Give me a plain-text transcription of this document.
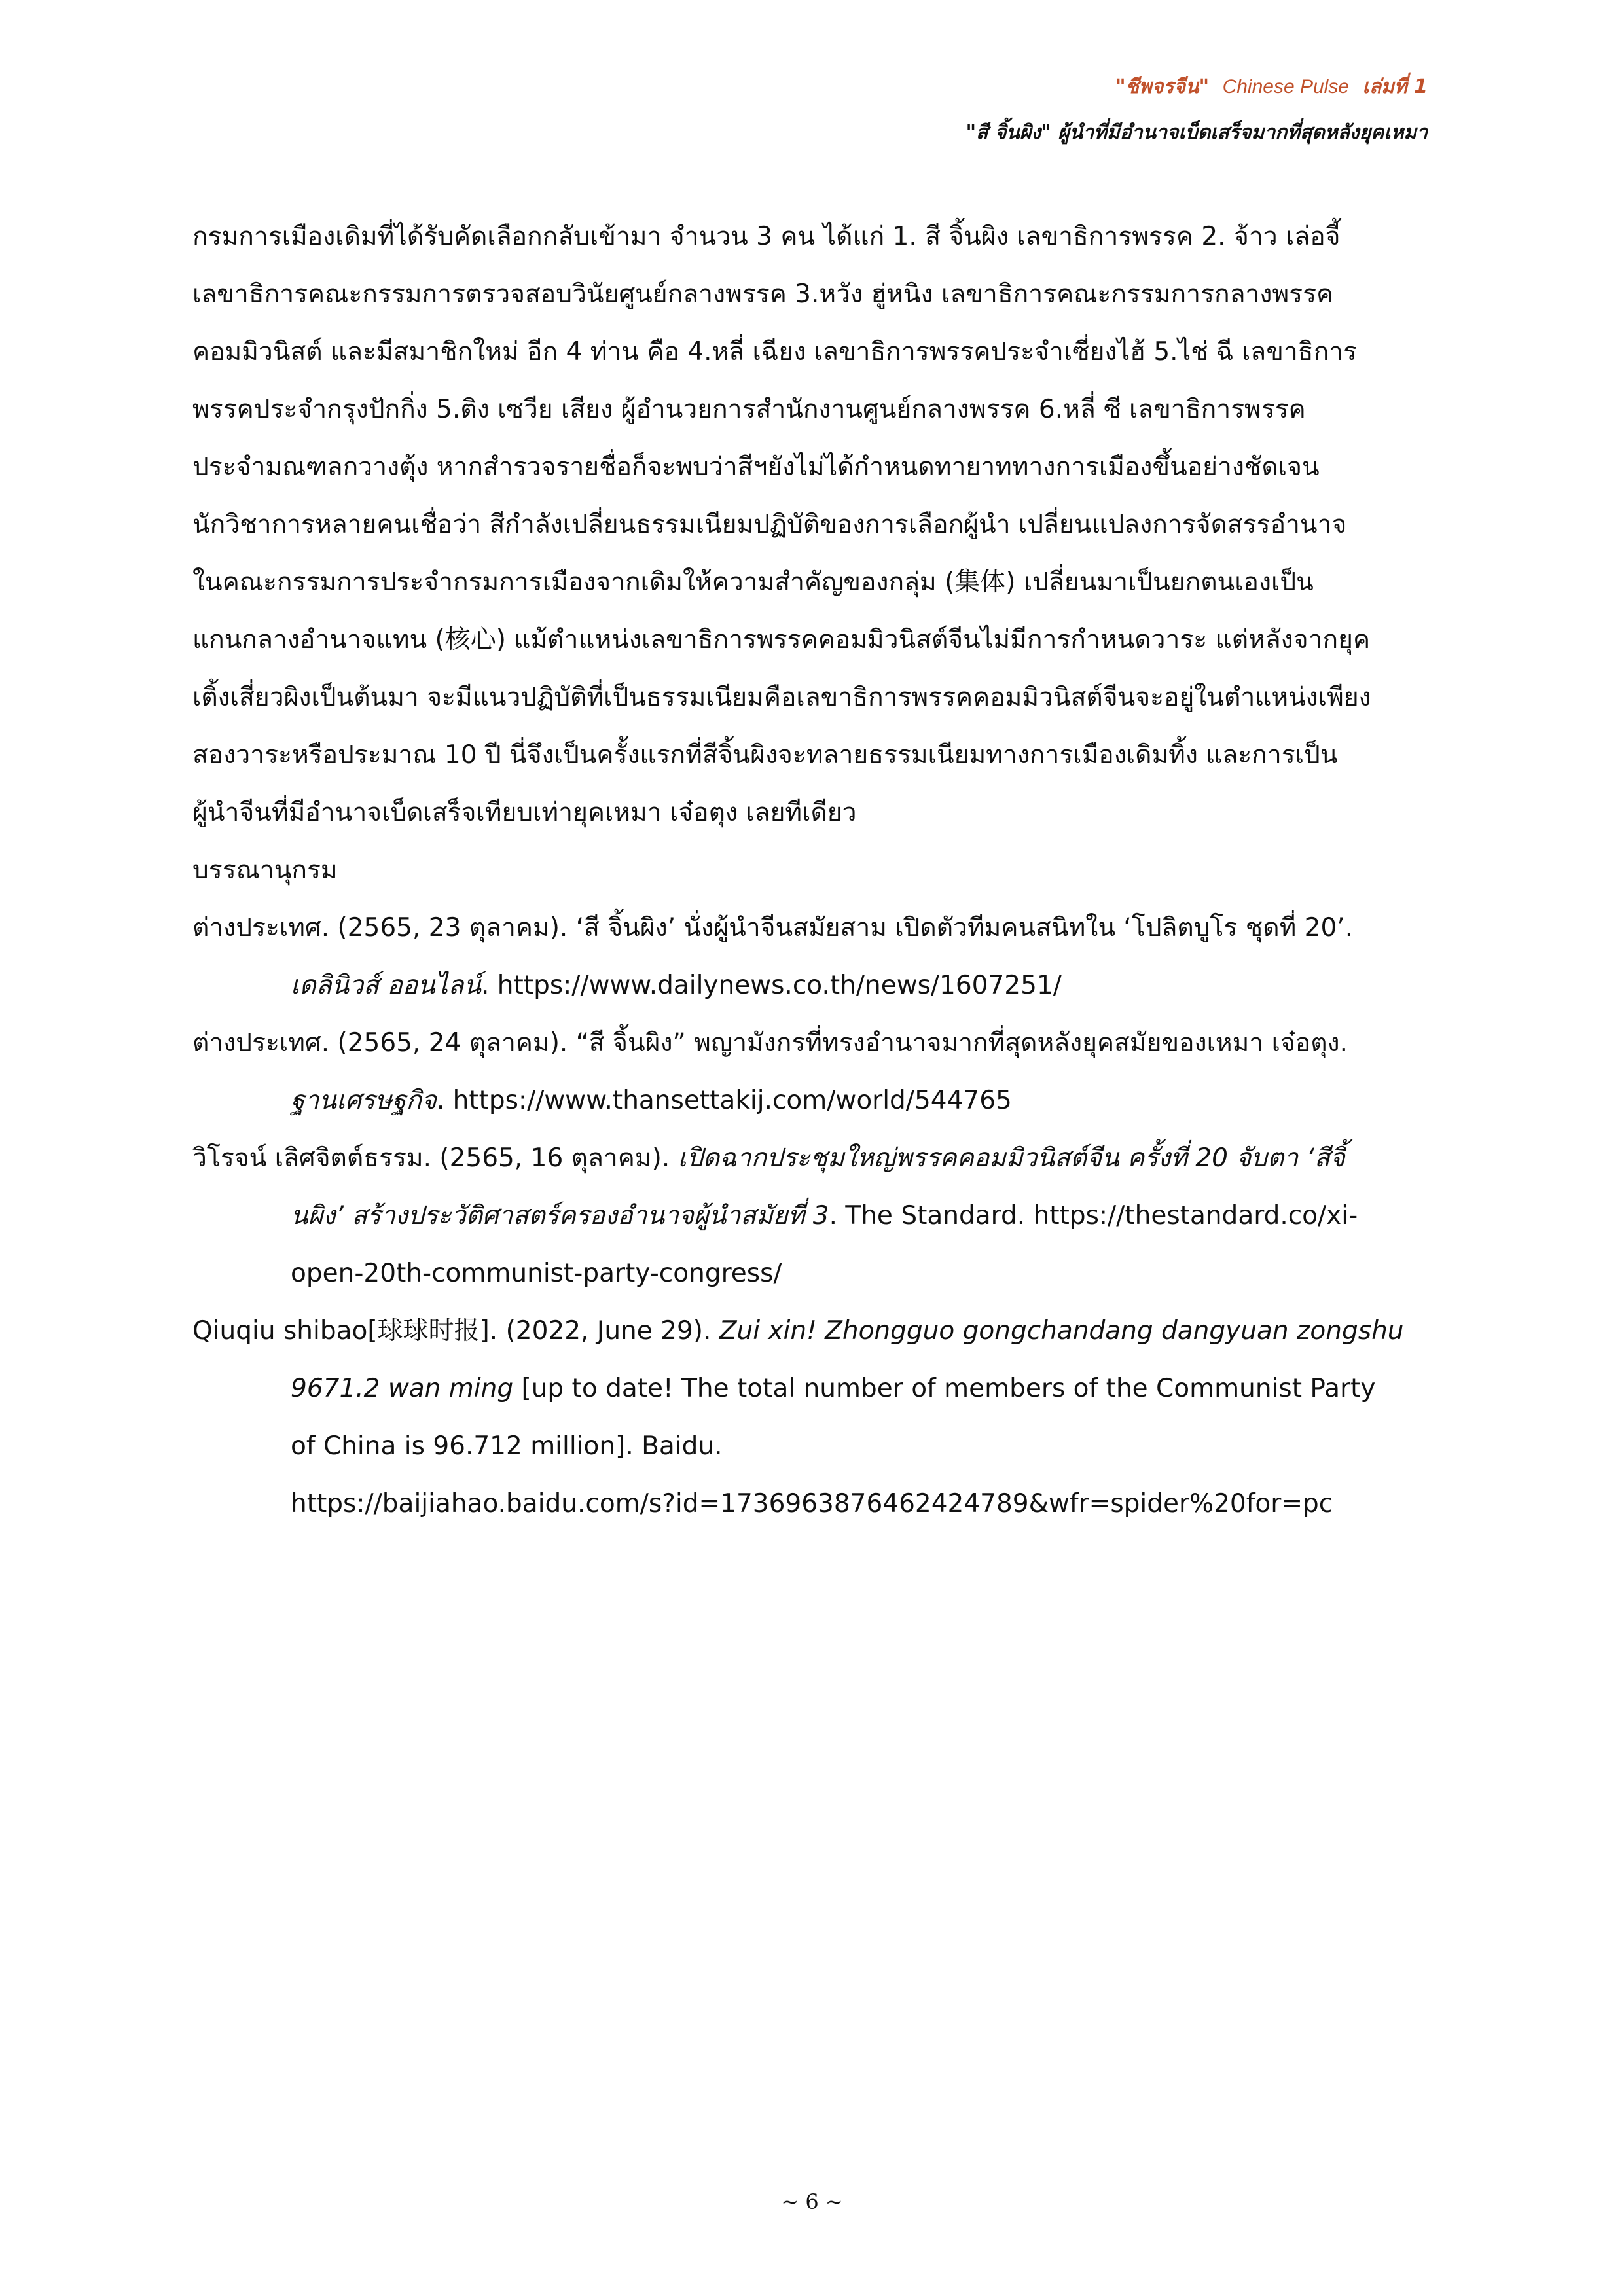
"ชีพจรจีน" Chinese Pulse เล่มที่ 1
"สี จิ้นผิง" ผู้นำที่มีอำนาจเบ็ดเสร็จมากที่สุดหลังยุคเหมา
กรมการเมืองเดิมที่ได้รับคัดเลือกกลับเข้ามา จำนวน 3 คน ได้แก่ 1. สี จิ้นผิง เลขาธิการพรรค 2. จ้าว เล่อจี้
เลขาธิการคณะกรรมการตรวจสอบวินัยศูนย์กลางพรรค 3.หวัง ฮู่หนิง เลขาธิการคณะกรรมการกลางพรรค
คอมมิวนิสต์ และมีสมาชิกใหม่ อีก 4 ท่าน คือ 4.หลี่ เฉียง เลขาธิการพรรคประจำเซี่ยงไฮ้ 5.ไช่ ฉี เลขาธิการ
พรรคประจำกรุงปักกิ่ง 5.ติง เซวีย เสียง ผู้อำนวยการสำนักงานศูนย์กลางพรรค 6.หลี่ ซี เลขาธิการพรรค
ประจำมณฑลกวางตุ้ง หากสำรวจรายชื่อก็จะพบว่าสีฯยังไม่ได้กำหนดทายาททางการเมืองขึ้นอย่างชัดเจน
นักวิชาการหลายคนเชื่อว่า สีกำลังเปลี่ยนธรรมเนียมปฏิบัติของการเลือกผู้นำ เปลี่ยนแปลงการจัดสรรอำนาจ
ในคณะกรรมการประจำกรมการเมืองจากเดิมให้ความสำคัญของกลุ่ม (集体) เปลี่ยนมาเป็นยกตนเองเป็น
แกนกลางอำนาจแทน (核心) แม้ตำแหน่งเลขาธิการพรรคคอมมิวนิสต์จีนไม่มีการกำหนดวาระ แต่หลังจากยุค
เติ้งเสี่ยวผิงเป็นต้นมา จะมีแนวปฏิบัติที่เป็นธรรมเนียมคือเลขาธิการพรรคคอมมิวนิสต์จีนจะอยู่ในตำแหน่งเพียง
สองวาระหรือประมาณ 10 ปี นี่จึงเป็นครั้งแรกที่สีจิ้นผิงจะทลายธรรมเนียมทางการเมืองเดิมทิ้ง และการเป็น
ผู้นำจีนที่มีอำนาจเบ็ดเสร็จเทียบเท่ายุคเหมา เจ๋อตุง เลยทีเดียว
บรรณานุกรม
ต่างประเทศ. (2565, 23 ตุลาคม). ‘สี จิ้นผิง’ นั่งผู้นำจีนสมัยสาม เปิดตัวทีมคนสนิทใน ‘โปลิตบูโร ชุดที่ 20’.
เดลินิวส์ ออนไลน์. https://www.dailynews.co.th/news/1607251/
ต่างประเทศ. (2565, 24 ตุลาคม). “สี จิ้นผิง” พญามังกรที่ทรงอำนาจมากที่สุดหลังยุคสมัยของเหมา เจ๋อตุง.
ฐานเศรษฐกิจ. https://www.thansettakij.com/world/544765
วิโรจน์ เลิศจิตต์ธรรม. (2565, 16 ตุลาคม). เปิดฉากประชุมใหญ่พรรคคอมมิวนิสต์จีน ครั้งที่ 20 จับตา ‘สีจิ้
นผิง’ สร้างประวัติศาสตร์ครองอำนาจผู้นำสมัยที่ 3. The Standard. https://thestandard.co/xi-
open-20th-communist-party-congress/
Qiuqiu shibao[球球时报]. (2022, June 29). Zui xin! Zhongguo gongchandang dangyuan zongshu
9671.2 wan ming [up to date! The total number of members of the Communist Party
of China is 96.712 million]. Baidu.
https://baijiahao.baidu.com/s?id=1736963876462424789&wfr=spider%20for=pc
~ 6 ~
